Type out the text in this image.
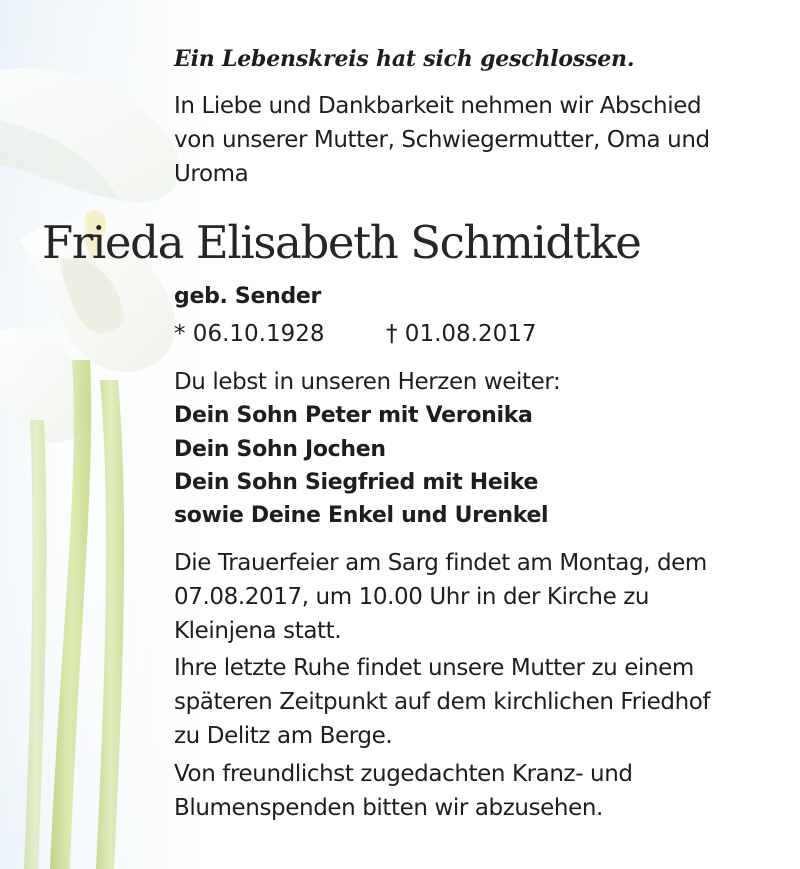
Ein Lebenskreis hat sich geschlossen.
In Liebe und Dankbarkeit nehmen wir Abschied
von unserer Mutter, Schwiegermutter, Oma und
Uroma
Frieda Elisabeth Schmidtke
geb. Sender
* 06.10.1928	† 01.08.2017
Du lebst in unseren Herzen weiter:
Dein Sohn Peter mit Veronika
Dein Sohn Jochen
Dein Sohn Siegfried mit Heike
sowie Deine Enkel und Urenkel
Die Trauerfeier am Sarg findet am Montag, dem
07.08.2017, um 10.00 Uhr in der Kirche zu
Kleinjena statt.
Ihre letzte Ruhe findet unsere Mutter zu einem
späteren Zeitpunkt auf dem kirchlichen Friedhof
zu Delitz am Berge.
Von freundlichst zugedachten Kranz- und
Blumenspenden bitten wir abzusehen.
